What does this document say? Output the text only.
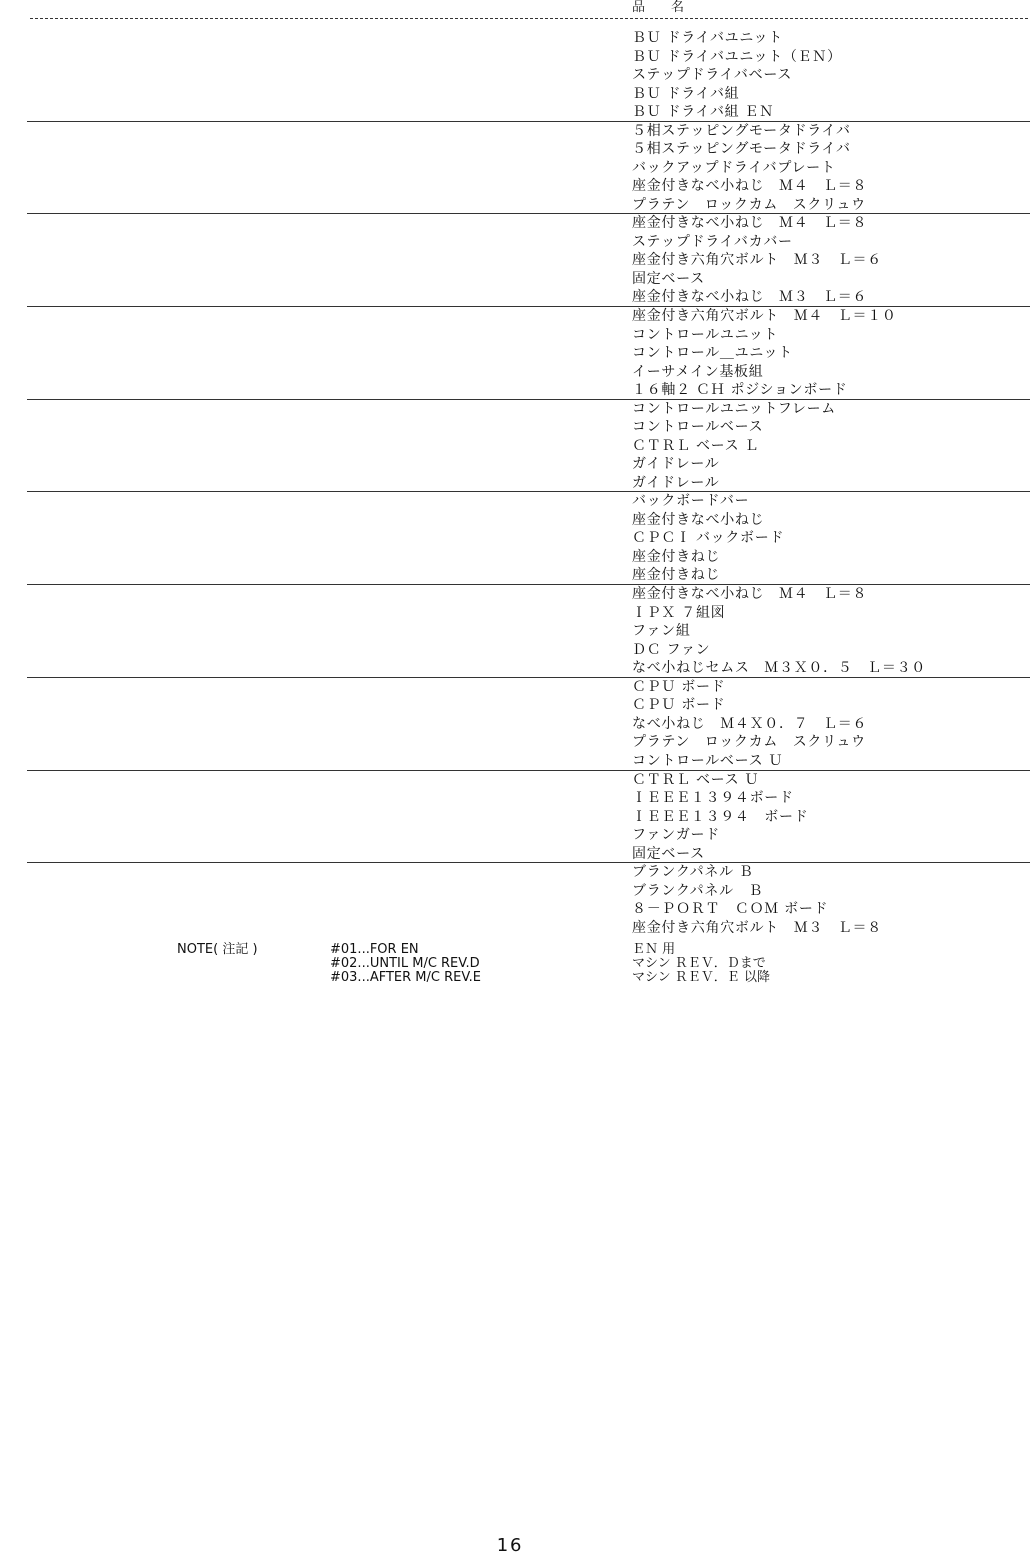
品　名
ＢＵ ドライバユニット
ＢＵ ドライバユニット（ＥＮ）
ステップドライバベース
ＢＵ ドライバ組
ＢＵ ドライバ組 ＥＮ
５相ステッピングモータドライバ
５相ステッピングモータドライバ
バックアップドライバプレート
座金付きなべ小ねじ　Ｍ４　Ｌ＝８
プラテン　ロックカム　スクリュウ
座金付きなべ小ねじ　Ｍ４　Ｌ＝８
ステップドライバカバー
座金付き六角穴ボルト　Ｍ３　Ｌ＝６
固定ベース
座金付きなべ小ねじ　Ｍ３　Ｌ＝６
座金付き六角穴ボルト　Ｍ４　Ｌ＝１０
コントロールユニット
コントロール＿ユニット
イーサメイン基板組
１６軸２ ＣＨ ポジションボード
コントロールユニットフレーム
コントロールベース
ＣＴＲＬ ベース Ｌ
ガイドレール
ガイドレール
バックボードバー
座金付きなべ小ねじ
ＣＰＣＩ バックボード
座金付きねじ
座金付きねじ
座金付きなべ小ねじ　Ｍ４　Ｌ＝８
ＩＰＸ ７組図
ファン組
ＤＣ ファン
なべ小ねじセムス　Ｍ３Ｘ０．５　Ｌ＝３０
ＣＰＵ ボード
ＣＰＵ ボード
なべ小ねじ　Ｍ４Ｘ０．７　Ｌ＝６
プラテン　ロックカム　スクリュウ
コントロールベース Ｕ
ＣＴＲＬ ベース Ｕ
ＩＥＥＥ１３９４ボード
ＩＥＥＥ１３９４　ボード
ファンガード
固定ベース
ブランクパネル Ｂ
ブランクパネル　Ｂ
８－ＰＯＲＴ　ＣＯＭ ボード
座金付き六角穴ボルト　Ｍ３　Ｌ＝８
NOTE( 注記 )	#01...FOR EN
#02...UNTIL M/C REV.D
#03...AFTER M/C REV.E
ＥＮ 用
マシン ＲＥＶ．Ｄまで
マシン ＲＥＶ．Ｅ 以降
16
